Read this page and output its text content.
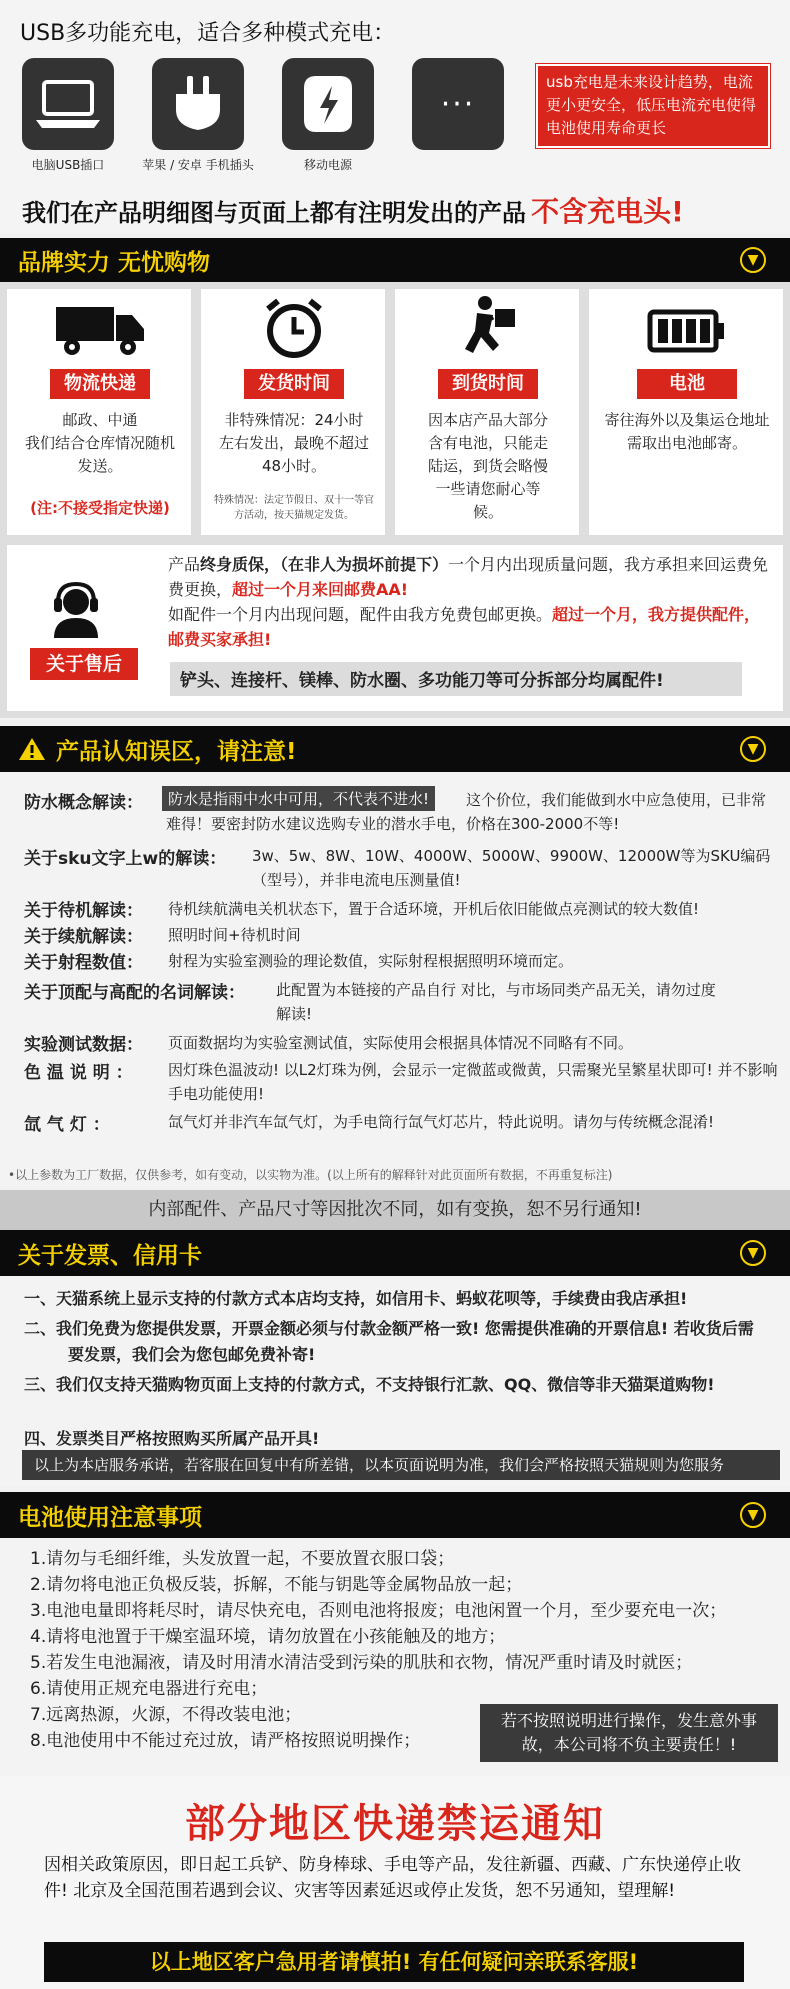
USB多功能充电，适合多种模式充电：
电脑USB插口	苹果 / 安卓 手机插头	移动电源
···
usb充电是未来设计趋势，电流更小更安全，低压电流充电使得电池使用寿命更长
我们在产品明细图与页面上都有注明发出的产品 不含充电头!
品牌实力 无忧购物	▼
物流快递
邮政、中通
我们结合仓库情况随机发送。
(注:不接受指定快递)
发货时间
非特殊情况：24小时左右发出，最晚不超过48小时。
特殊情况：法定节假日、双十一等官方活动，按天猫规定发货。
到货时间
因本店产品大部分含有电池，只能走陆运，到货会略慢一些请您耐心等候。
电池
寄往海外以及集运仓地址需取出电池邮寄。
关于售后
产品终身质保，（在非人为损坏前提下）一个月内出现质量问题，我方承担来回运费免费更换，超过一个月来回邮费AA!
如配件一个月内出现问题，配件由我方免费包邮更换。超过一个月，我方提供配件，邮费买家承担!
铲头、连接杆、镁棒、防水圈、多功能刀等可分拆部分均属配件!
产品认知误区，请注意!	▼
防水概念解读：	防水是指雨中水中可用，不代表不进水!	这个价位，我们能做到水中应急使用，已非常难得！要密封防水建议选购专业的潜水手电，价格在300-2000不等!
关于sku文字上w的解读： 3w、5w、8W、10W、4000W、5000W、9900W、12000W等为SKU编码（型号），并非电流电压测量值!
关于待机解读： 待机续航满电关机状态下，置于合适环境，开机后依旧能做点亮测试的较大数值!
关于续航解读： 照明时间+待机时间
关于射程数值： 射程为实验室测验的理论数值，实际射程根据照明环境而定。
关于顶配与高配的名词解读： 此配置为本链接的产品自行 对比，与市场同类产品无关，请勿过度解读!
实验测试数据： 页面数据均为实验室测试值，实际使用会根据具体情况不同略有不同。
色 温 说 明 ： 因灯珠色温波动! 以L2灯珠为例，会显示一定微蓝或微黄，只需聚光呈繁星状即可! 并不影响手电功能使用!
氙 气 灯 ：	氙气灯并非汽车氙气灯，为手电筒行氙气灯芯片，特此说明。请勿与传统概念混淆!
•以上参数为工厂数据，仅供参考，如有变动，以实物为准。(以上所有的解释针对此页面所有数据，不再重复标注)
内部配件、产品尺寸等因批次不同，如有变换，恕不另行通知!
关于发票、信用卡	▼
一、天猫系统上显示支持的付款方式本店均支持，如信用卡、蚂蚁花呗等，手续费由我店承担!
二、我们免费为您提供发票，开票金额必须与付款金额严格一致! 您需提供准确的开票信息! 若收货后需要发票，我们会为您包邮免费补寄!
三、我们仅支持天猫购物页面上支持的付款方式，不支持银行汇款、QQ、微信等非天猫渠道购物!
四、发票类目严格按照购买所属产品开具!
以上为本店服务承诺，若客服在回复中有所差错，以本页面说明为准，我们会严格按照天猫规则为您服务
电池使用注意事项	▼
1.请勿与毛细纤维，头发放置一起，不要放置衣服口袋；
2.请勿将电池正负极反装，拆解，不能与钥匙等金属物品放一起；
3.电池电量即将耗尽时，请尽快充电，否则电池将报废；电池闲置一个月，至少要充电一次；
4.请将电池置于干燥室温环境，请勿放置在小孩能触及的地方；
5.若发生电池漏液，请及时用清水清洁受到污染的肌肤和衣物，情况严重时请及时就医；
6.请使用正规充电器进行充电；
7.远离热源，火源，不得改装电池；
8.电池使用中不能过充过放，请严格按照说明操作；
若不按照说明进行操作，发生意外事故，本公司将不负主要责任！!
部分地区快递禁运通知
因相关政策原因，即日起工兵铲、防身棒球、手电等产品，发往新疆、西藏、广东快递停止收件! 北京及全国范围若遇到会议、灾害等因素延迟或停止发货，恕不另通知，望理解!
以上地区客户急用者请慎拍! 有任何疑问亲联系客服!
